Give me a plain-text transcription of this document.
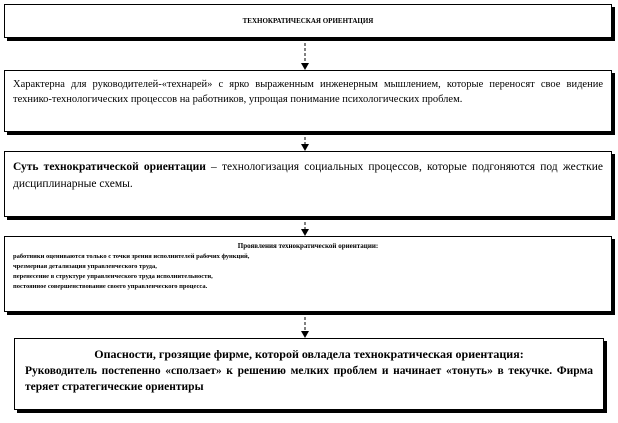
ТЕХНОКРАТИЧЕСКАЯ ОРИЕНТАЦИЯ

Характерна для руководителей-«технарей» с ярко выраженным инженерным мышлением, которые переносят свое видение технико-технологических процессов на работников, упрощая понимание психологических проблем.

Суть технократической ориентации – технологизация социальных процессов, которые подгоняются под жесткие дисциплинарные схемы.

Проявления технократической ориентации:

работники оцениваются только с точки зрения исполнителей рабочих функций,

чрезмерная детализация управленческого труда,

перенесение в структуре управленческого труда исполнительности,

постоянное совершенствование своего управленческого процесса.

Опасности, грозящие фирме, которой овладела технократическая ориентация:

Руководитель постепенно «сползает» к решению мелких проблем и начинает «тонуть» в текучке. Фирма теряет стратегические ориентиры
